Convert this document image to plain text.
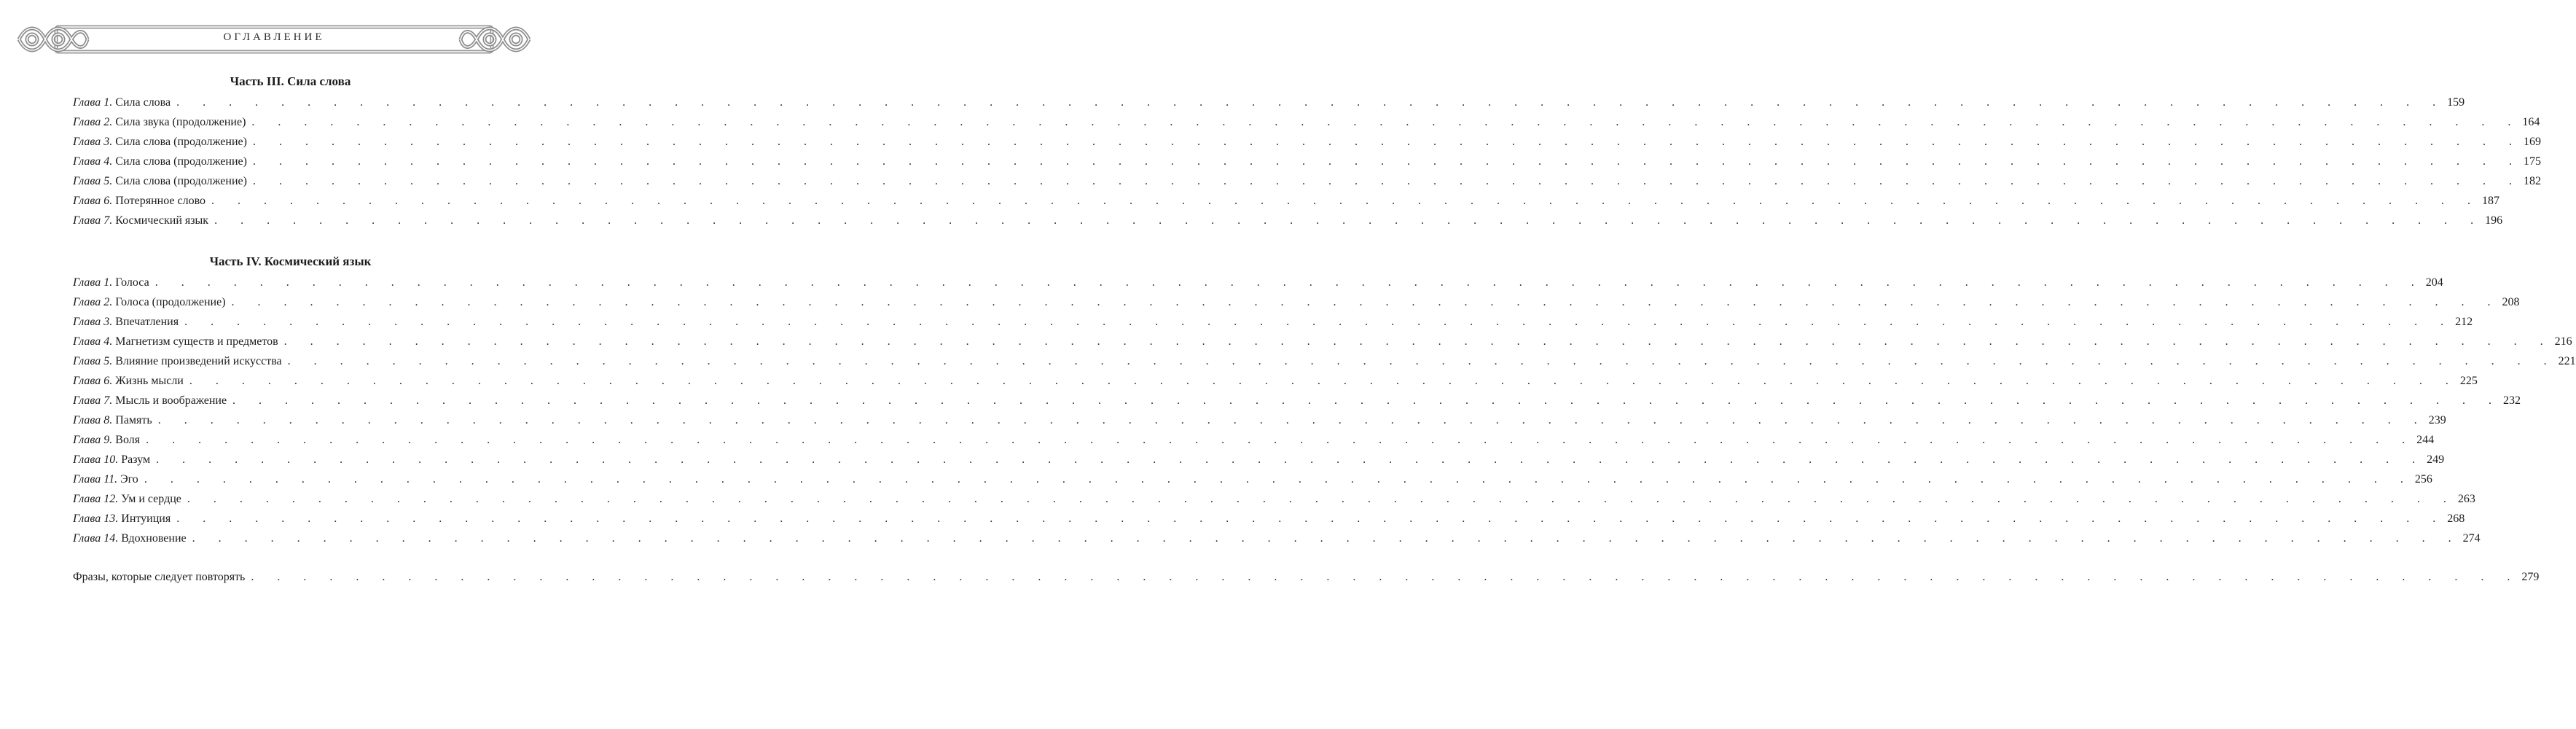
ОГЛАВЛЕНИЕ
Часть III. Сила слова
Глава 1. Сила слова . . . . . . . . . . . . . . . . . . . . . . . . . . . . . . . . . . . . . . . . . . . . . . . . . . . . . . . . . . . . . . . . . . . . . . . . . . . . . . . . . . . . . . . 159
Глава 2. Сила звука (продолжение) . . . . . . . . . . . . . . . . . . . . . . . . . . . . . . . . . . . . . . . . . . . . . . . . . . . . . . . . . . . . . . . . . . . . . . . . . . . . . . . . . . . . . . . 164
Глава 3. Сила слова (продолжение) . . . . . . . . . . . . . . . . . . . . . . . . . . . . . . . . . . . . . . . . . . . . . . . . . . . . . . . . . . . . . . . . . . . . . . . . . . . . . . . . . . . . . . . 169
Глава 4. Сила слова (продолжение) . . . . . . . . . . . . . . . . . . . . . . . . . . . . . . . . . . . . . . . . . . . . . . . . . . . . . . . . . . . . . . . . . . . . . . . . . . . . . . . . . . . . . . . 175
Глава 5. Сила слова (продолжение) . . . . . . . . . . . . . . . . . . . . . . . . . . . . . . . . . . . . . . . . . . . . . . . . . . . . . . . . . . . . . . . . . . . . . . . . . . . . . . . . . . . . . . . 182
Глава 6. Потерянное слово . . . . . . . . . . . . . . . . . . . . . . . . . . . . . . . . . . . . . . . . . . . . . . . . . . . . . . . . . . . . . . . . . . . . . . . . . . . . . . . . . . . . . . . 187
Глава 7. Космический язык . . . . . . . . . . . . . . . . . . . . . . . . . . . . . . . . . . . . . . . . . . . . . . . . . . . . . . . . . . . . . . . . . . . . . . . . . . . . . . . . . . . . . . . 196
Часть IV. Космический язык
Глава 1. Голоса . . . . . . . . . . . . . . . . . . . . . . . . . . . . . . . . . . . . . . . . . . . . . . . . . . . . . . . . . . . . . . . . . . . . . . . . . . . . . . . . . . . . . . . 204
Глава 2. Голоса (продолжение) . . . . . . . . . . . . . . . . . . . . . . . . . . . . . . . . . . . . . . . . . . . . . . . . . . . . . . . . . . . . . . . . . . . . . . . . . . . . . . . . . . . . . . . 208
Глава 3. Впечатления . . . . . . . . . . . . . . . . . . . . . . . . . . . . . . . . . . . . . . . . . . . . . . . . . . . . . . . . . . . . . . . . . . . . . . . . . . . . . . . . . . . . . . . 212
Глава 4. Магнетизм существ и предметов . . . . . . . . . . . . . . . . . . . . . . . . . . . . . . . . . . . . . . . . . . . . . . . . . . . . . . . . . . . . . . . . . . . . . . . . . . . . . . . . . . . . . . . 216
Глава 5. Влияние произведений искусства . . . . . . . . . . . . . . . . . . . . . . . . . . . . . . . . . . . . . . . . . . . . . . . . . . . . . . . . . . . . . . . . . . . . . . . . . . . . . . . . . . . . . . . 221
Глава 6. Жизнь мысли . . . . . . . . . . . . . . . . . . . . . . . . . . . . . . . . . . . . . . . . . . . . . . . . . . . . . . . . . . . . . . . . . . . . . . . . . . . . . . . . . . . . . . . 225
Глава 7. Мысль и воображение . . . . . . . . . . . . . . . . . . . . . . . . . . . . . . . . . . . . . . . . . . . . . . . . . . . . . . . . . . . . . . . . . . . . . . . . . . . . . . . . . . . . . . . 232
Глава 8. Память . . . . . . . . . . . . . . . . . . . . . . . . . . . . . . . . . . . . . . . . . . . . . . . . . . . . . . . . . . . . . . . . . . . . . . . . . . . . . . . . . . . . . . . 239
Глава 9. Воля . . . . . . . . . . . . . . . . . . . . . . . . . . . . . . . . . . . . . . . . . . . . . . . . . . . . . . . . . . . . . . . . . . . . . . . . . . . . . . . . . . . . . . . 244
Глава 10. Разум . . . . . . . . . . . . . . . . . . . . . . . . . . . . . . . . . . . . . . . . . . . . . . . . . . . . . . . . . . . . . . . . . . . . . . . . . . . . . . . . . . . . . . . 249
Глава 11. Эго . . . . . . . . . . . . . . . . . . . . . . . . . . . . . . . . . . . . . . . . . . . . . . . . . . . . . . . . . . . . . . . . . . . . . . . . . . . . . . . . . . . . . . . 256
Глава 12. Ум и сердце . . . . . . . . . . . . . . . . . . . . . . . . . . . . . . . . . . . . . . . . . . . . . . . . . . . . . . . . . . . . . . . . . . . . . . . . . . . . . . . . . . . . . . . 263
Глава 13. Интуиция . . . . . . . . . . . . . . . . . . . . . . . . . . . . . . . . . . . . . . . . . . . . . . . . . . . . . . . . . . . . . . . . . . . . . . . . . . . . . . . . . . . . . . . 268
Глава 14. Вдохновение . . . . . . . . . . . . . . . . . . . . . . . . . . . . . . . . . . . . . . . . . . . . . . . . . . . . . . . . . . . . . . . . . . . . . . . . . . . . . . . . . . . . . . . 274
Фразы, которые следует повторять . . . . . . . . . . . . . . . . . . . . . . . . . . . . . . . . . . . . . . . . . . . . . . . . . . . . . . . . . . . . . . . . . . . . . . . . . . . . . . . . . . . . . . . 279
